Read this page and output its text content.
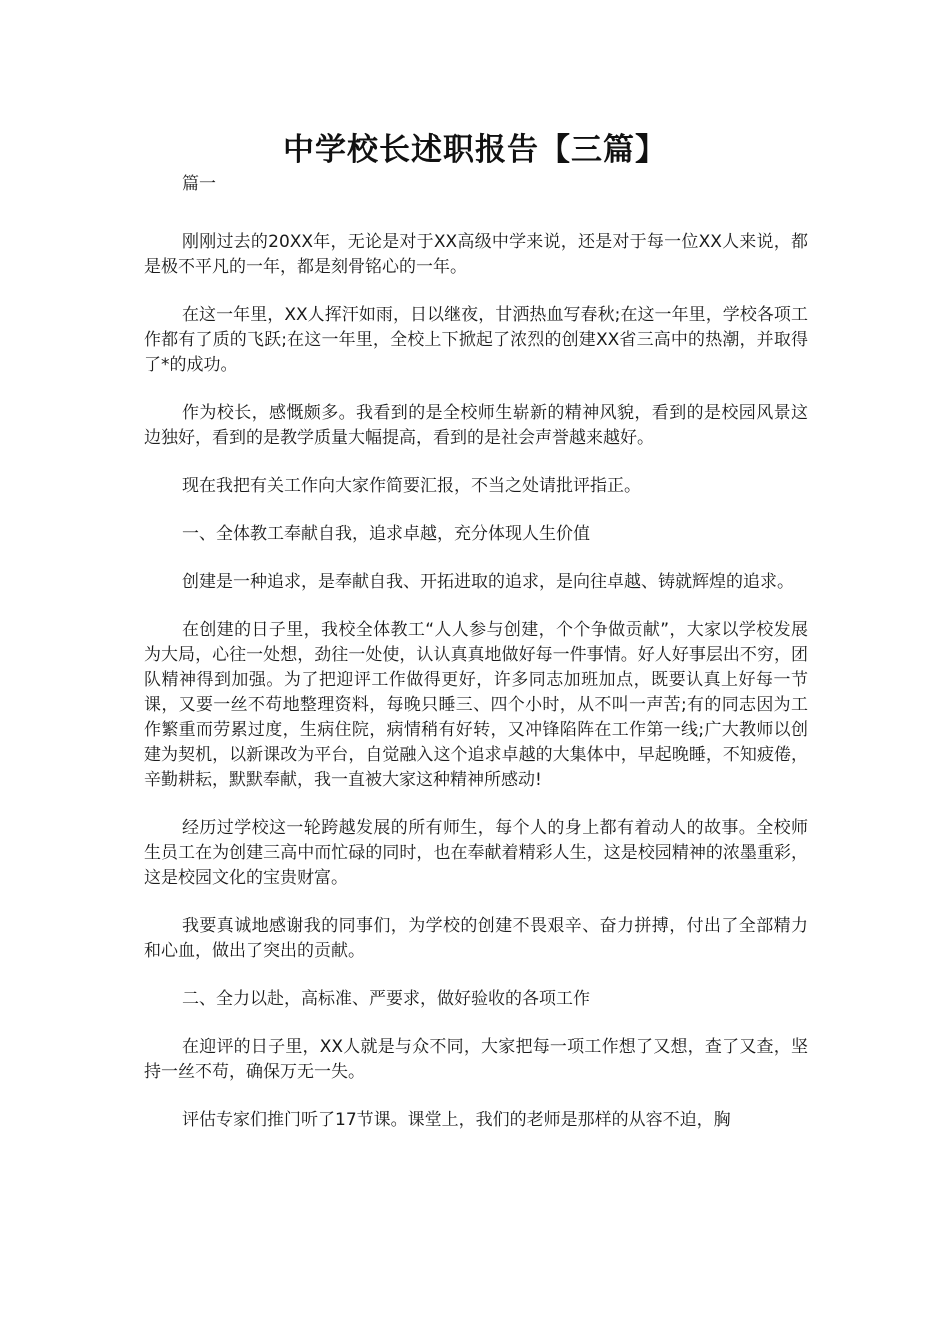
中学校长述职报告【三篇】

篇一

刚刚过去的20XX年，无论是对于XX高级中学来说，还是对于每一位XX人来说，都是极不平凡的一年，都是刻骨铭心的一年。

在这一年里，XX人挥汗如雨，日以继夜，甘洒热血写春秋;在这一年里，学校各项工作都有了质的飞跃;在这一年里，全校上下掀起了浓烈的创建XX省三高中的热潮，并取得了*的成功。

作为校长，感慨颇多。我看到的是全校师生崭新的精神风貌，看到的是校园风景这边独好，看到的是教学质量大幅提高，看到的是社会声誉越来越好。

现在我把有关工作向大家作简要汇报，不当之处请批评指正。

一、全体教工奉献自我，追求卓越，充分体现人生价值

创建是一种追求，是奉献自我、开拓进取的追求，是向往卓越、铸就辉煌的追求。

在创建的日子里，我校全体教工“人人参与创建，个个争做贡献”，大家以学校发展为大局，心往一处想，劲往一处使，认认真真地做好每一件事情。好人好事层出不穷，团队精神得到加强。为了把迎评工作做得更好，许多同志加班加点，既要认真上好每一节课，又要一丝不苟地整理资料，每晚只睡三、四个小时，从不叫一声苦;有的同志因为工作繁重而劳累过度，生病住院，病情稍有好转，又冲锋陷阵在工作第一线;广大教师以创建为契机，以新课改为平台，自觉融入这个追求卓越的大集体中，早起晚睡，不知疲倦，辛勤耕耘，默默奉献，我一直被大家这种精神所感动!

经历过学校这一轮跨越发展的所有师生，每个人的身上都有着动人的故事。全校师生员工在为创建三高中而忙碌的同时，也在奉献着精彩人生，这是校园精神的浓墨重彩，这是校园文化的宝贵财富。

我要真诚地感谢我的同事们，为学校的创建不畏艰辛、奋力拼搏，付出了全部精力和心血，做出了突出的贡献。

二、全力以赴，高标准、严要求，做好验收的各项工作

在迎评的日子里，XX人就是与众不同，大家把每一项工作想了又想，查了又查，坚持一丝不苟，确保万无一失。

评估专家们推门听了17节课。课堂上，我们的老师是那样的从容不迫，胸
